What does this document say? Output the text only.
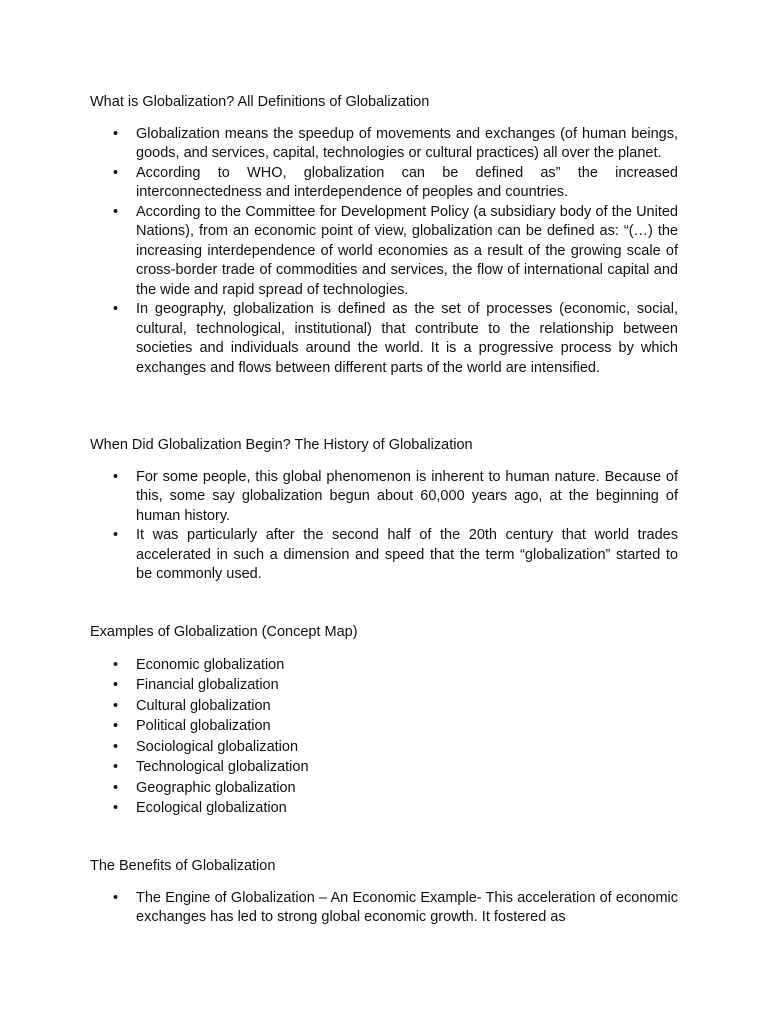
What is Globalization? All Definitions of Globalization
• Globalization means the speedup of movements and exchanges (of human beings, goods, and services, capital, technologies or cultural practices) all over the planet.
• According to WHO, globalization can be defined as” the increased interconnectedness and interdependence of peoples and countries.
• According to the Committee for Development Policy (a subsidiary body of the United Nations), from an economic point of view, globalization can be defined as: “(…) the increasing interdependence of world economies as a result of the growing scale of cross-border trade of commodities and services, the flow of international capital and the wide and rapid spread of technologies.
• In geography, globalization is defined as the set of processes (economic, social, cultural, technological, institutional) that contribute to the relationship between societies and individuals around the world. It is a progressive process by which exchanges and flows between different parts of the world are intensified.
When Did Globalization Begin? The History of Globalization
• For some people, this global phenomenon is inherent to human nature. Because of this, some say globalization begun about 60,000 years ago, at the beginning of human history.
• It was particularly after the second half of the 20th century that world trades accelerated in such a dimension and speed that the term “globalization” started to be commonly used.
Examples of Globalization (Concept Map)
• Economic globalization
• Financial globalization
• Cultural globalization
• Political globalization
• Sociological globalization
• Technological globalization
• Geographic globalization
• Ecological globalization
The Benefits of Globalization
• The Engine of Globalization – An Economic Example- This acceleration of economic exchanges has led to strong global economic growth. It fostered as
